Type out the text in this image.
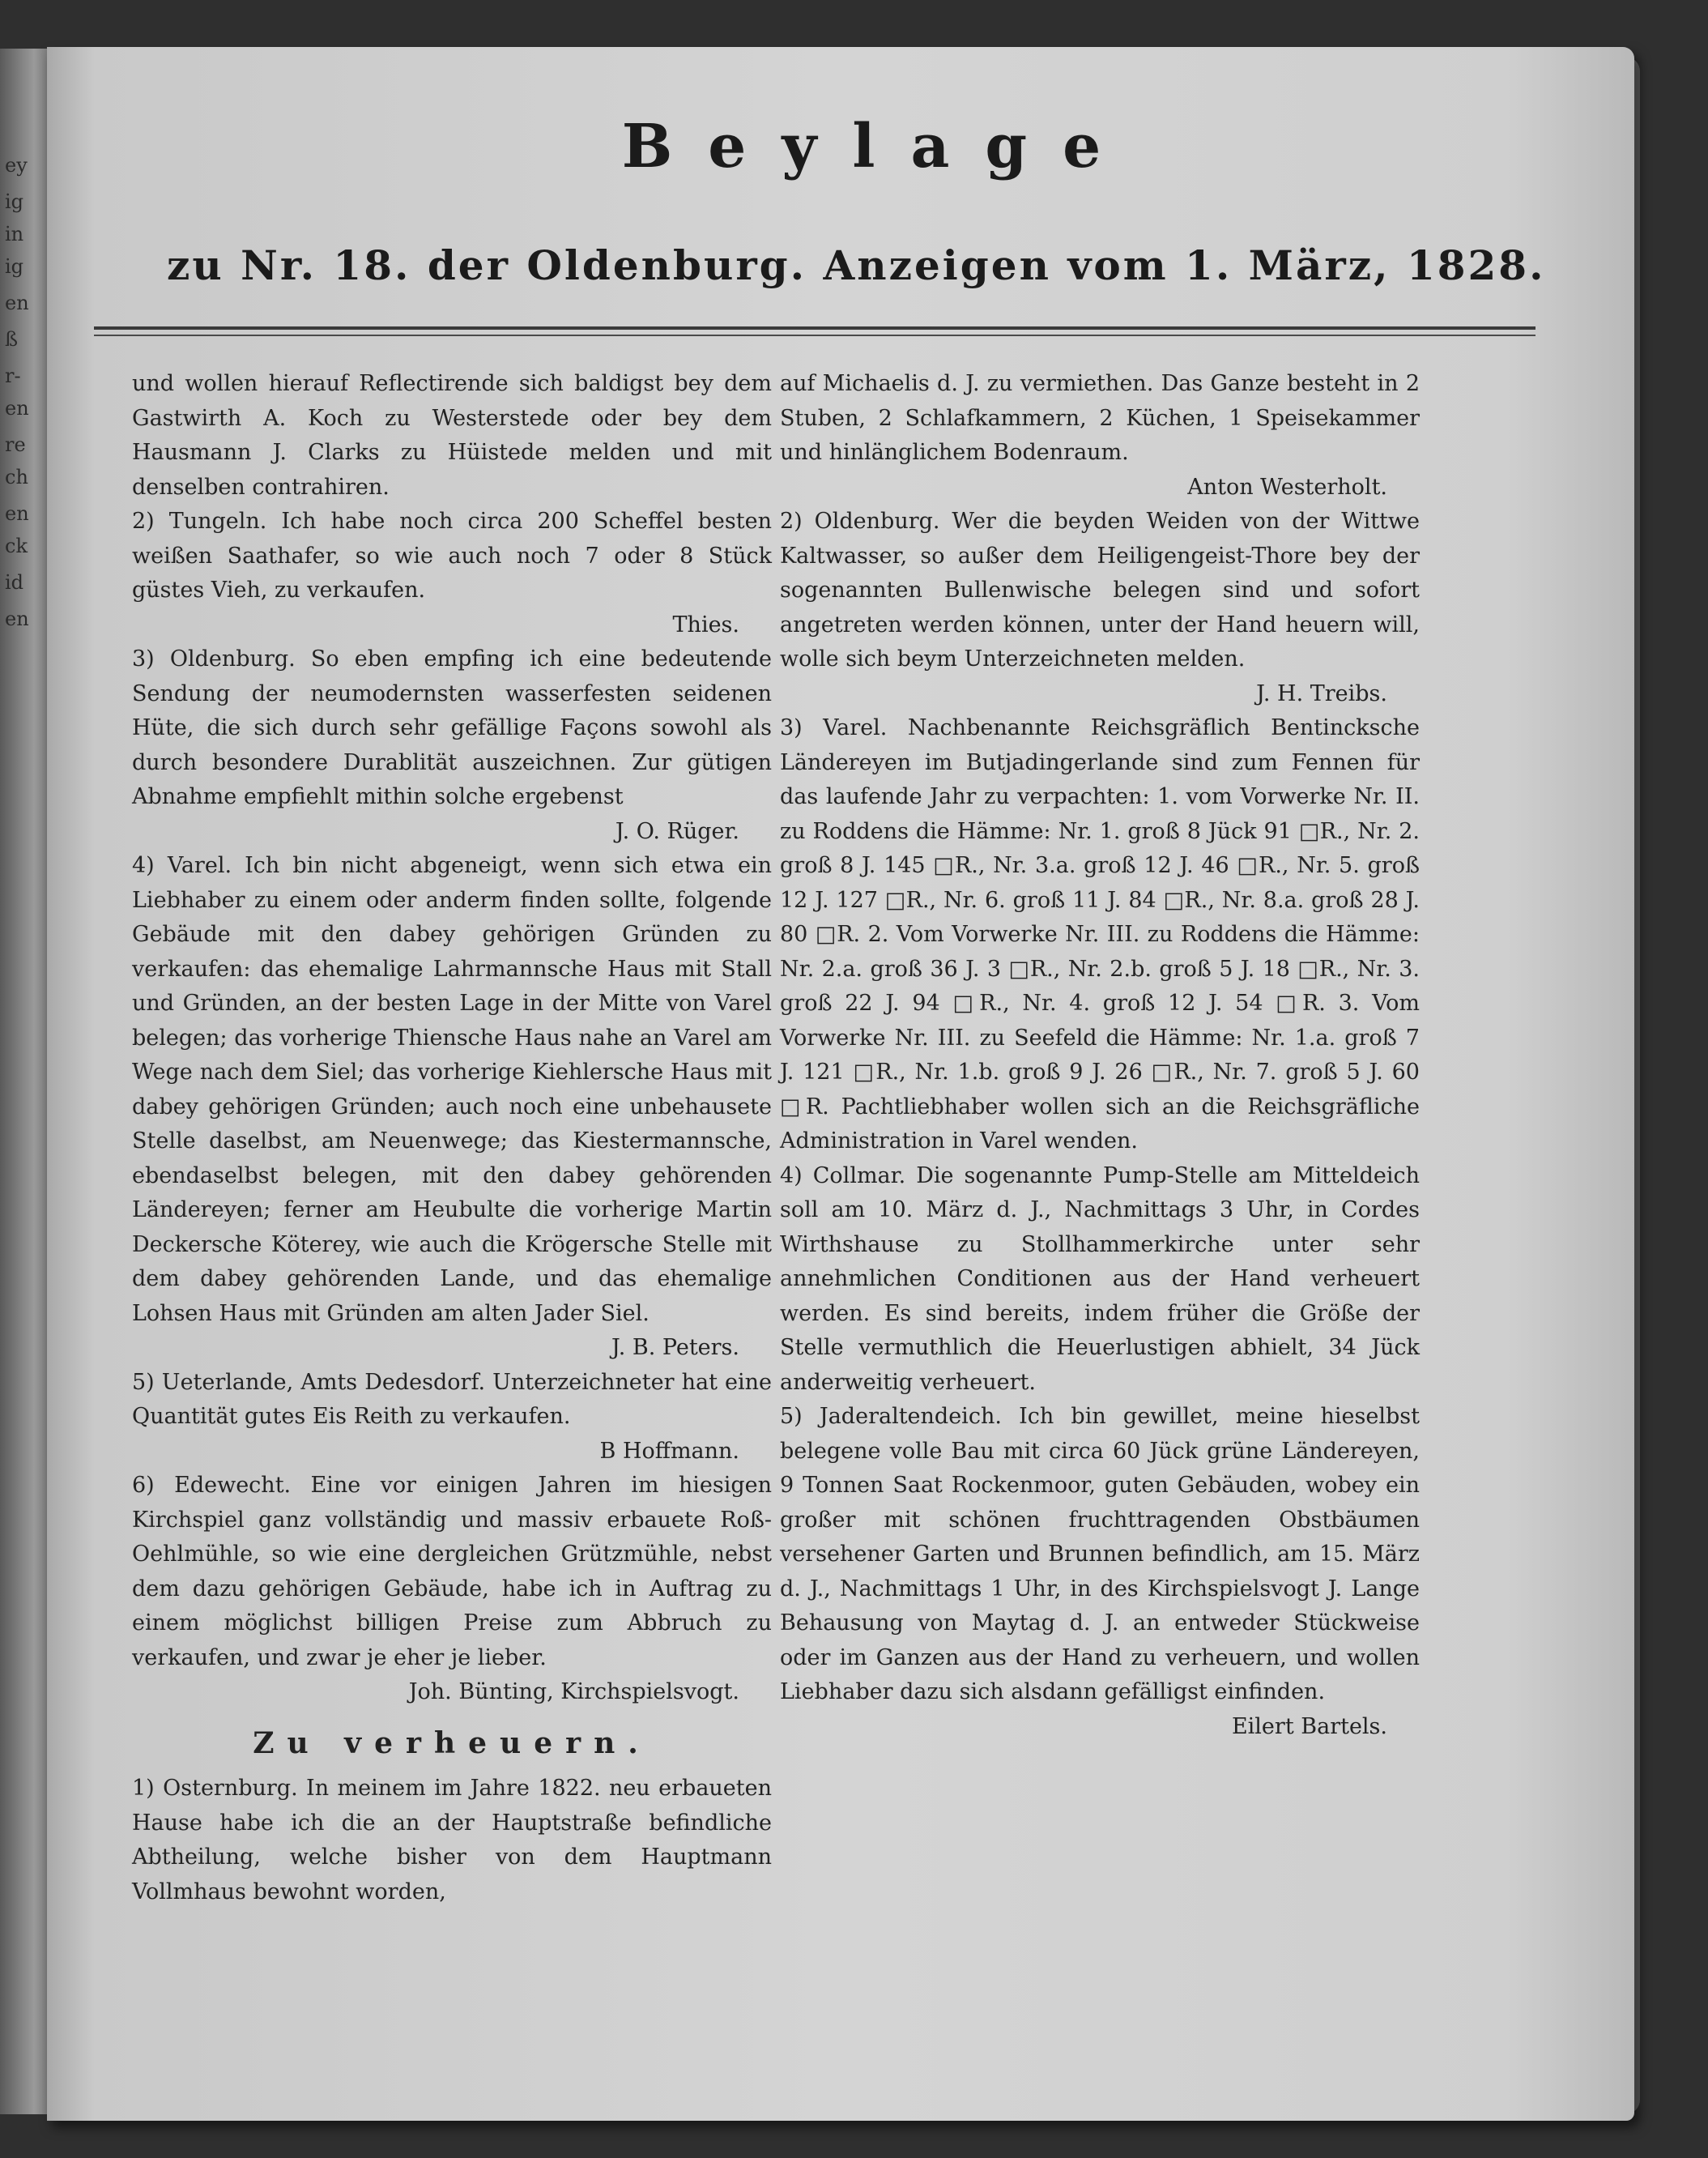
ey
ig
in
ig
en
ß
r-
en
re
ch
en
ck
id
en
Beylage
zu Nr. 18. der Oldenburg. Anzeigen vom 1. März, 1828.

und wollen hierauf Reflectirende sich baldigst bey dem Gastwirth A. Koch zu Westerstede oder bey dem Hausmann J. Clarks zu Hüistede melden und mit denselben contrahiren.

2) Tungeln. Ich habe noch circa 200 Scheffel besten weißen Saathafer, so wie auch noch 7 oder 8 Stück güstes Vieh, zu verkaufen.

Thies.

3) Oldenburg. So eben empfing ich eine bedeutende Sendung der neumodernsten wasserfesten seidenen Hüte, die sich durch sehr gefällige Façons sowohl als durch besondere Durablität auszeichnen. Zur gütigen Abnahme empfiehlt mithin solche ergebenst

J. O. Rüger.

4) Varel. Ich bin nicht abgeneigt, wenn sich etwa ein Liebhaber zu einem oder anderm finden sollte, folgende Gebäude mit den dabey gehörigen Gründen zu verkaufen: das ehemalige Lahrmannsche Haus mit Stall und Gründen, an der besten Lage in der Mitte von Varel belegen; das vorherige Thiensche Haus nahe an Varel am Wege nach dem Siel; das vorherige Kiehlersche Haus mit dabey gehörigen Gründen; auch noch eine unbehausete Stelle daselbst, am Neuenwege; das Kiestermannsche, ebendaselbst belegen, mit den dabey gehörenden Ländereyen; ferner am Heubulte die vorherige Martin Deckersche Köterey, wie auch die Krögersche Stelle mit dem dabey gehörenden Lande, und das ehemalige Lohsen Haus mit Gründen am alten Jader Siel.

J. B. Peters.

5) Ueterlande, Amts Dedesdorf. Unterzeichneter hat eine Quantität gutes Eis Reith zu verkaufen.

B Hoffmann.

6) Edewecht. Eine vor einigen Jahren im hiesigen Kirchspiel ganz vollständig und massiv erbauete Roß-Oehlmühle, so wie eine dergleichen Grützmühle, nebst dem dazu gehörigen Gebäude, habe ich in Auftrag zu einem möglichst billigen Preise zum Abbruch zu verkaufen, und zwar je eher je lieber.

Joh. Bünting, Kirchspielsvogt.

Zu verheuern.

1) Osternburg. In meinem im Jahre 1822. neu erbaueten Hause habe ich die an der Hauptstraße befindliche Abtheilung, welche bisher von dem Hauptmann Vollmhaus bewohnt worden,

auf Michaelis d. J. zu vermiethen. Das Ganze besteht in 2 Stuben, 2 Schlafkammern, 2 Küchen, 1 Speisekammer und hinlänglichem Bodenraum.

Anton Westerholt.

2) Oldenburg. Wer die beyden Weiden von der Wittwe Kaltwasser, so außer dem Heiligengeist-Thore bey der sogenannten Bullenwische belegen sind und sofort angetreten werden können, unter der Hand heuern will, wolle sich beym Unterzeichneten melden.

J. H. Treibs.

3) Varel. Nachbenannte Reichsgräflich Bentincksche Ländereyen im Butjadingerlande sind zum Fennen für das laufende Jahr zu verpachten: 1. vom Vorwerke Nr. II. zu Roddens die Hämme: Nr. 1. groß 8 Jück 91 □R., Nr. 2. groß 8 J. 145 □R., Nr. 3.a. groß 12 J. 46 □R., Nr. 5. groß 12 J. 127 □R., Nr. 6. groß 11 J. 84 □R., Nr. 8.a. groß 28 J. 80 □R. 2. Vom Vorwerke Nr. III. zu Roddens die Hämme: Nr. 2.a. groß 36 J. 3 □R., Nr. 2.b. groß 5 J. 18 □R., Nr. 3. groß 22 J. 94 □R., Nr. 4. groß 12 J. 54 □R. 3. Vom Vorwerke Nr. III. zu Seefeld die Hämme: Nr. 1.a. groß 7 J. 121 □R., Nr. 1.b. groß 9 J. 26 □R., Nr. 7. groß 5 J. 60 □R. Pachtliebhaber wollen sich an die Reichsgräfliche Administration in Varel wenden.

4) Collmar. Die sogenannte Pump-Stelle am Mitteldeich soll am 10. März d. J., Nachmittags 3 Uhr, in Cordes Wirthshause zu Stollhammerkirche unter sehr annehmlichen Conditionen aus der Hand verheuert werden. Es sind bereits, indem früher die Größe der Stelle vermuthlich die Heuerlustigen abhielt, 34 Jück anderweitig verheuert.

5) Jaderaltendeich. Ich bin gewillet, meine hieselbst belegene volle Bau mit circa 60 Jück grüne Ländereyen, 9 Tonnen Saat Rockenmoor, guten Gebäuden, wobey ein großer mit schönen fruchttragenden Obstbäumen versehener Garten und Brunnen befindlich, am 15. März d. J., Nachmittags 1 Uhr, in des Kirchspielsvogt J. Lange Behausung von Maytag d. J. an entweder Stückweise oder im Ganzen aus der Hand zu verheuern, und wollen Liebhaber dazu sich alsdann gefälligst einfinden.

Eilert Bartels.
